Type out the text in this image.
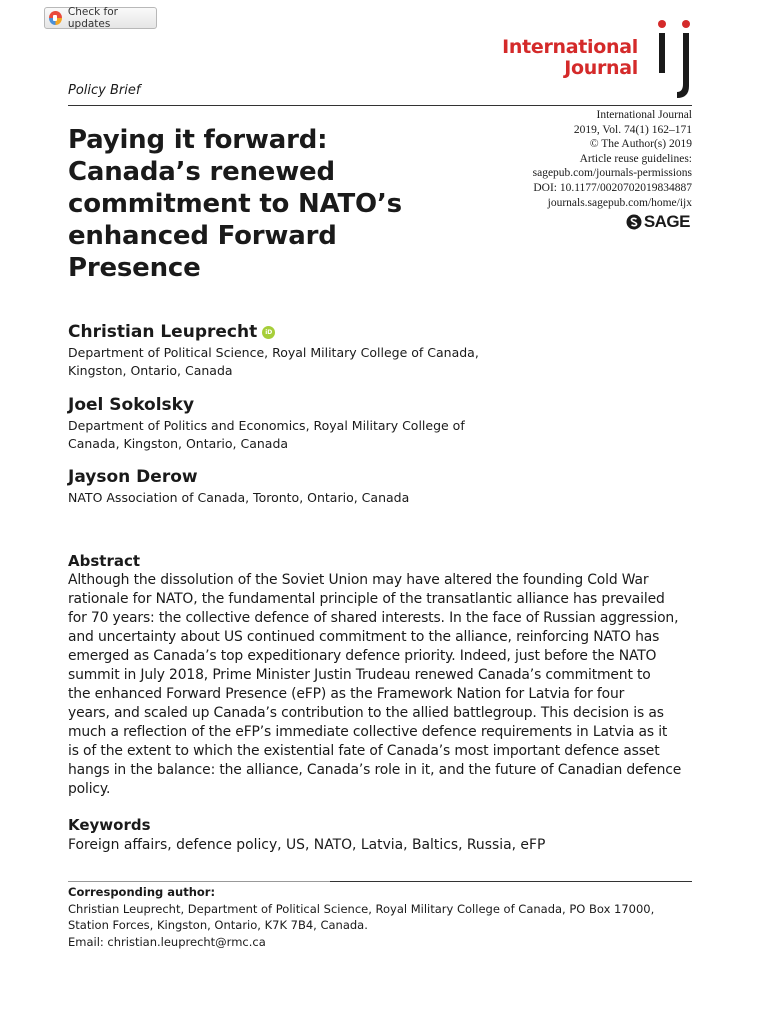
Check for updates
International
Journal
Policy Brief
Paying it forward:
Canada’s renewed
commitment to NATO’s
enhanced Forward
Presence
International Journal
2019, Vol. 74(1) 162–171
© The Author(s) 2019
Article reuse guidelines:
sagepub.com/journals-permissions
DOI: 10.1177/0020702019834887
journals.sagepub.com/home/ijx
SAGE
Christian Leuprecht	iD
Department of Political Science, Royal Military College of Canada,
Kingston, Ontario, Canada
Joel Sokolsky
Department of Politics and Economics, Royal Military College of
Canada, Kingston, Ontario, Canada
Jayson Derow
NATO Association of Canada, Toronto, Ontario, Canada
Abstract
Although the dissolution of the Soviet Union may have altered the founding Cold War
rationale for NATO, the fundamental principle of the transatlantic alliance has prevailed
for 70 years: the collective defence of shared interests. In the face of Russian aggression,
and uncertainty about US continued commitment to the alliance, reinforcing NATO has
emerged as Canada’s top expeditionary defence priority. Indeed, just before the NATO
summit in July 2018, Prime Minister Justin Trudeau renewed Canada’s commitment to
the enhanced Forward Presence (eFP) as the Framework Nation for Latvia for four
years, and scaled up Canada’s contribution to the allied battlegroup. This decision is as
much a reflection of the eFP’s immediate collective defence requirements in Latvia as it
is of the extent to which the existential fate of Canada’s most important defence asset
hangs in the balance: the alliance, Canada’s role in it, and the future of Canadian defence
policy.
Keywords
Foreign affairs, defence policy, US, NATO, Latvia, Baltics, Russia, eFP
Corresponding author:
Christian Leuprecht, Department of Political Science, Royal Military College of Canada, PO Box 17000,
Station Forces, Kingston, Ontario, K7K 7B4, Canada.
Email: christian.leuprecht@rmc.ca
